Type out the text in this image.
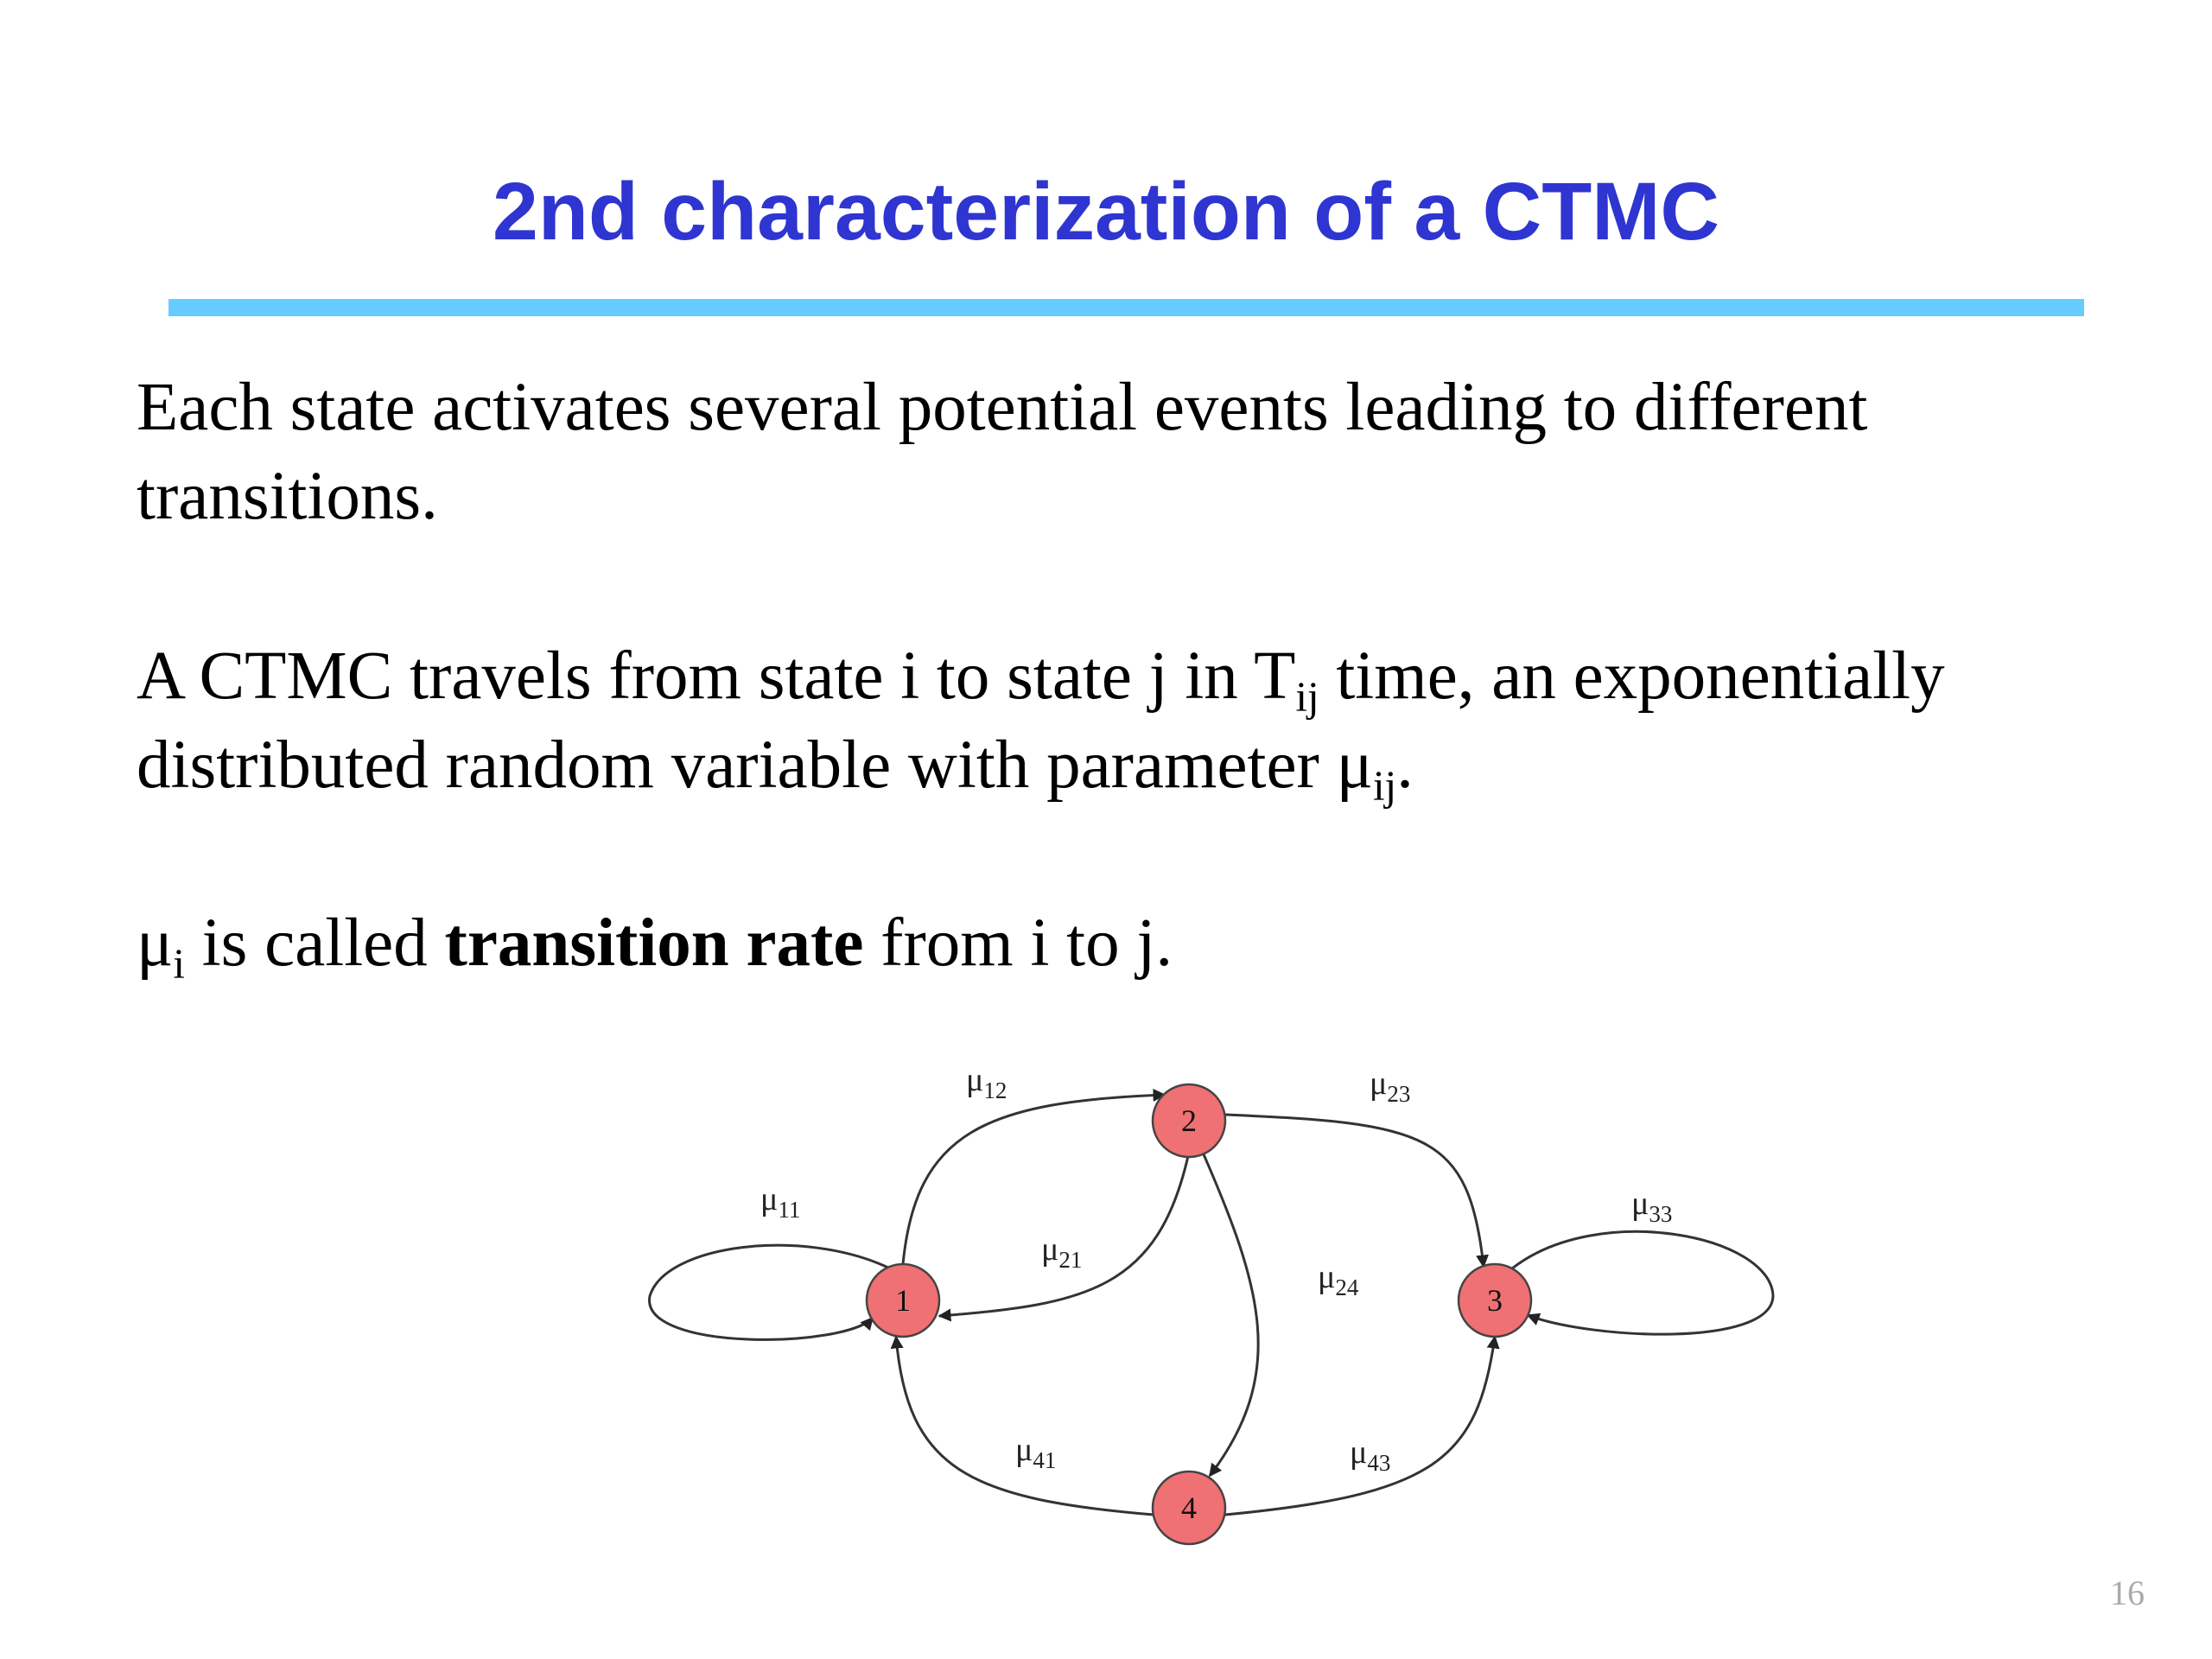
2nd characterization of a CTMC

Each state activates several potential events leading to different transitions.

A CTMC travels from state i to state j in $T_{ij}$ time, an exponentially distributed random variable with parameter $\mu_{ij}$.

$\mu_i$ is called transition rate from i to j.

1
2
3
4
$\mu_{11}$
$\mu_{12}$
$\mu_{21}$
$\mu_{23}$
$\mu_{24}$
$\mu_{33}$
$\mu_{41}$	$\mu_{43}$
16
